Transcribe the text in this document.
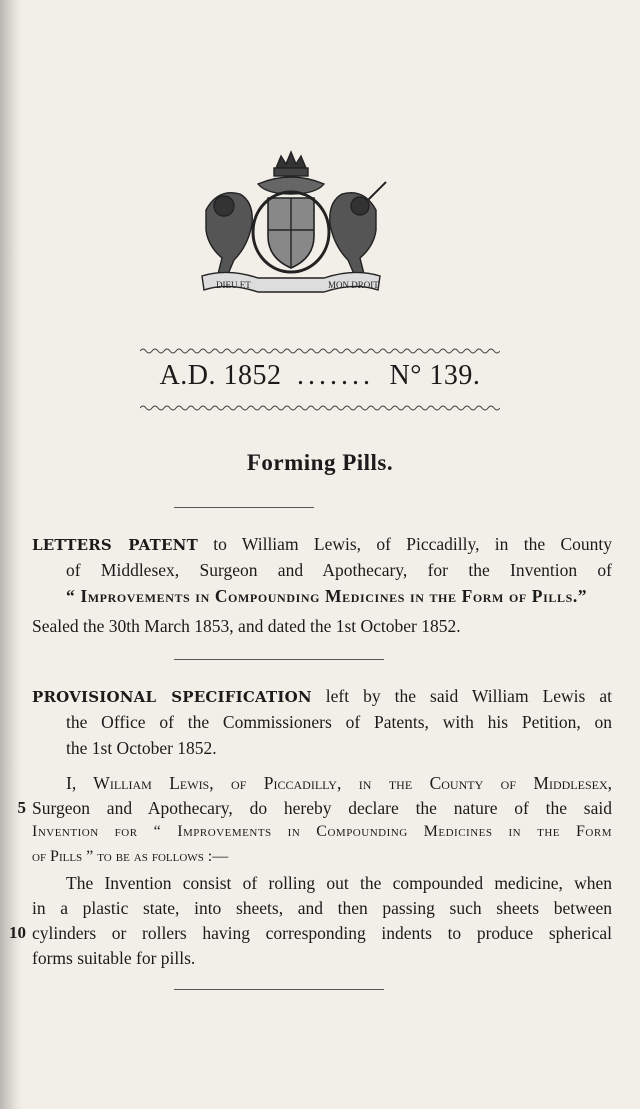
DIEU ET	MON DROIT
A.D. 1852 ....... N° 139.
Forming Pills.
LETTERS PATENT to William Lewis, of Piccadilly, in the County
of Middlesex, Surgeon and Apothecary, for the Invention of
“ Improvements in Compounding Medicines in the Form of Pills.”
Sealed the 30th March 1853, and dated the 1st October 1852.
PROVISIONAL SPECIFICATION left by the said William Lewis at
the Office of the Commissioners of Patents, with his Petition, on
the 1st October 1852.
I, William Lewis, of Piccadilly, in the County of Middlesex,
5 Surgeon and Apothecary, do hereby declare the nature of the said
Invention for “ Improvements in Compounding Medicines in the Form
of Pills ” to be as follows :—
The Invention consist of rolling out the compounded medicine, when
in a plastic state, into sheets, and then passing such sheets between
10 cylinders or rollers having corresponding indents to produce spherical
forms suitable for pills.
